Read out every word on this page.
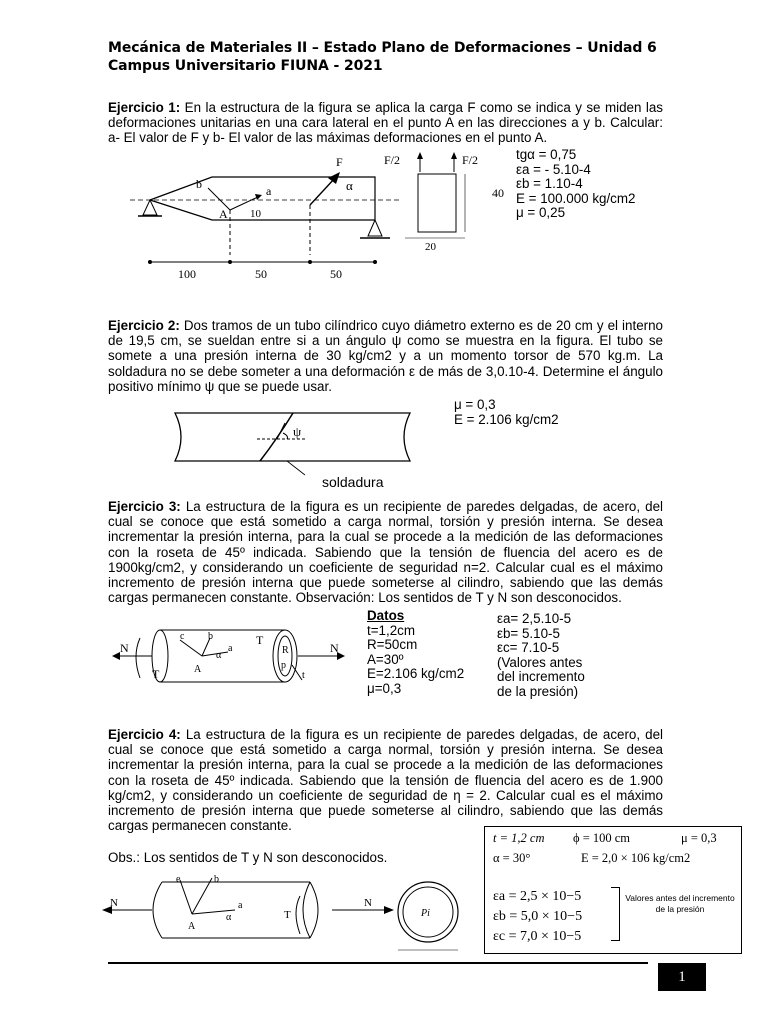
Mecánica de Materiales II – Estado Plano de Deformaciones – Unidad 6
Campus Universitario FIUNA - 2021
Ejercicio 1: En la estructura de la figura se aplica la carga F como se indica y se miden las deformaciones unitarias en una cara lateral en el punto A en las direcciones a y b. Calcular: a- El valor de F y b- El valor de las máximas deformaciones en el punto A.
tgα = 0,75
εa = - 5.10-4
εb = 1.10-4
E = 100.000 kg/cm2
μ = 0,25
F	F/2	F/2
α
b	a
A 10
40
20
100	50	50
Ejercicio 2: Dos tramos de un tubo cilíndrico cuyo diámetro externo es de 20 cm y el interno de 19,5 cm, se sueldan entre si a un ángulo ψ como se muestra en la figura. El tubo se somete a una presión interna de 30 kg/cm2 y a un momento torsor de 570 kg.m. La soldadura no se debe someter a una deformación ε de más de 3,0.10-4. Determine el ángulo positivo mínimo ψ que se puede usar.
μ = 0,3
E = 2.106 kg/cm2
ψ
soldadura
Ejercicio 3: La estructura de la figura es un recipiente de paredes delgadas, de acero, del cual se conoce que está sometido a carga normal, torsión y presión interna. Se desea incrementar la presión interna, para la cual se procede a la medición de las deformaciones con la roseta de 45º indicada. Sabiendo que la tensión de fluencia del acero es de 1900kg/cm2, y considerando un coeficiente de seguridad n=2. Calcular cual es el máximo incremento de presión interna que puede someterse al cilindro, sabiendo que las demás cargas permanecen constante. Observación: Los sentidos de T y N son desconocidos.
N	N
T
T
c b
a
α
A
R
p
t
Datos
t=1,2cm
R=50cm
A=30º
E=2.106 kg/cm2
μ=0,3
εa= 2,5.10-5
εb= 5.10-5
εc= 7.10-5
(Valores antes
del incremento
de la presión)
Ejercicio 4: La estructura de la figura es un recipiente de paredes delgadas, de acero, del cual se conoce que está sometido a carga normal, torsión y presión interna. Se desea incrementar la presión interna, para la cual se procede a la medición de las deformaciones con la roseta de 45º indicada. Sabiendo que la tensión de fluencia del acero es de 1.900 kg/cm2, y considerando un coeficiente de seguridad de η = 2. Calcular cual es el máximo incremento de presión interna que puede someterse al cilindro, sabiendo que las demás cargas permanecen constante.
Obs.: Los sentidos de T y N son desconocidos.
t = 1,2 cm ϕ = 100 cm	μ = 0,3
α = 30°	E = 2,0 × 106 kg/cm2
εa = 2,5 × 10−5
εb = 5,0 × 10−5
εc = 7,0 × 10−5
Valores antes del incremento de la presión
N	N
T
e	b
a
α
A
Pi
1
